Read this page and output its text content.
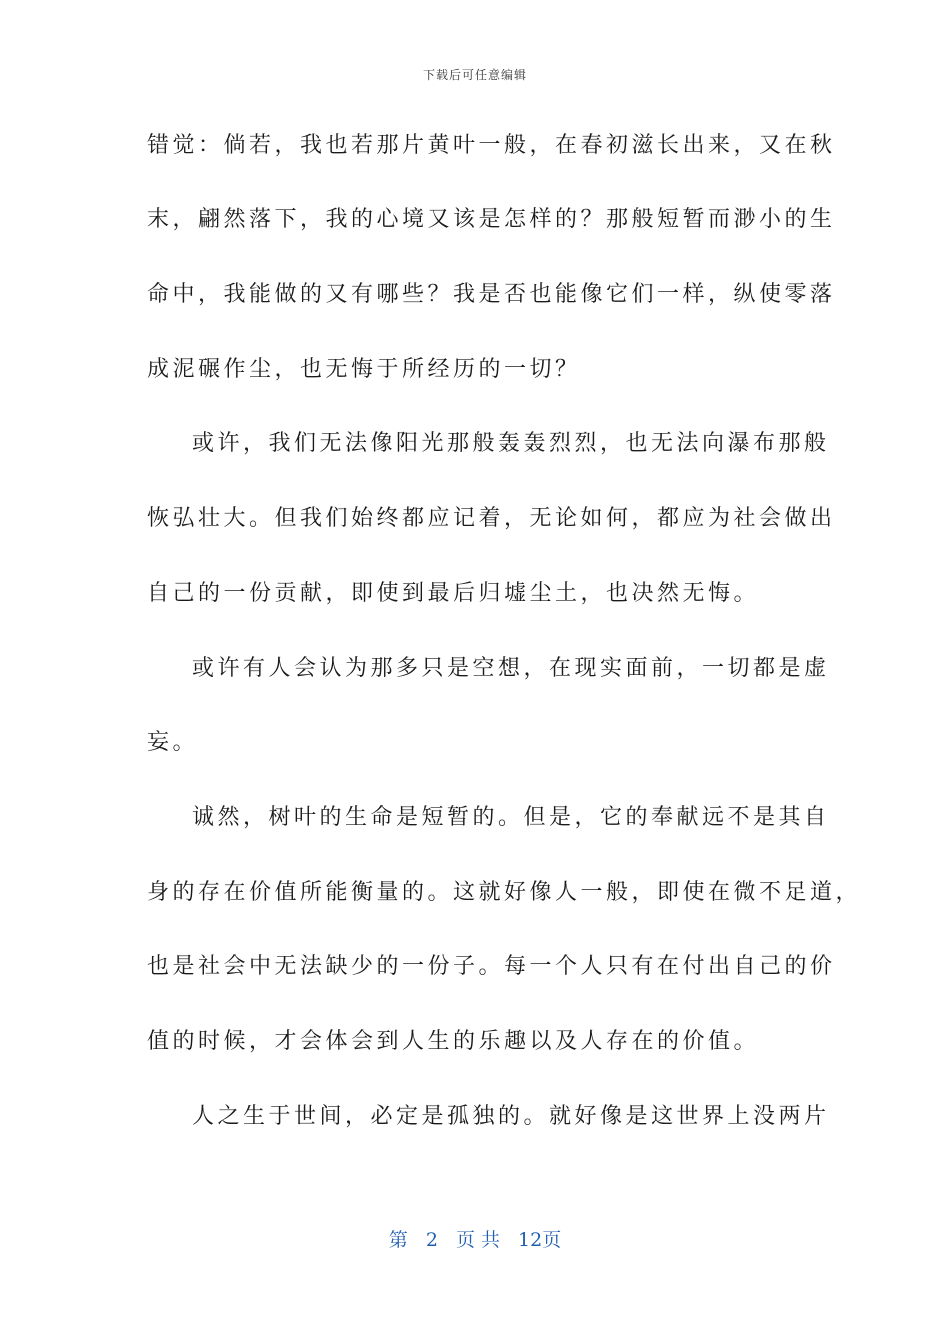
下载后可任意编辑
错觉：倘若，我也若那片黄叶一般，在春初滋长出来，又在秋
末，翩然落下，我的心境又该是怎样的？那般短暂而渺小的生
命中，我能做的又有哪些？我是否也能像它们一样，纵使零落
成泥碾作尘，也无悔于所经历的一切？
或许，我们无法像阳光那般轰轰烈烈，也无法向瀑布那般
恢弘壮大。但我们始终都应记着，无论如何，都应为社会做出
自己的一份贡献，即使到最后归墟尘土，也决然无悔。
或许有人会认为那多只是空想，在现实面前，一切都是虚
妄。
诚然，树叶的生命是短暂的。但是，它的奉献远不是其自
身的存在价值所能衡量的。这就好像人一般，即使在微不足道，
也是社会中无法缺少的一份子。每一个人只有在付出自己的价
值的时候，才会体会到人生的乐趣以及人存在的价值。
人之生于世间，必定是孤独的。就好像是这世界上没两片
第 2 页 共 12页
